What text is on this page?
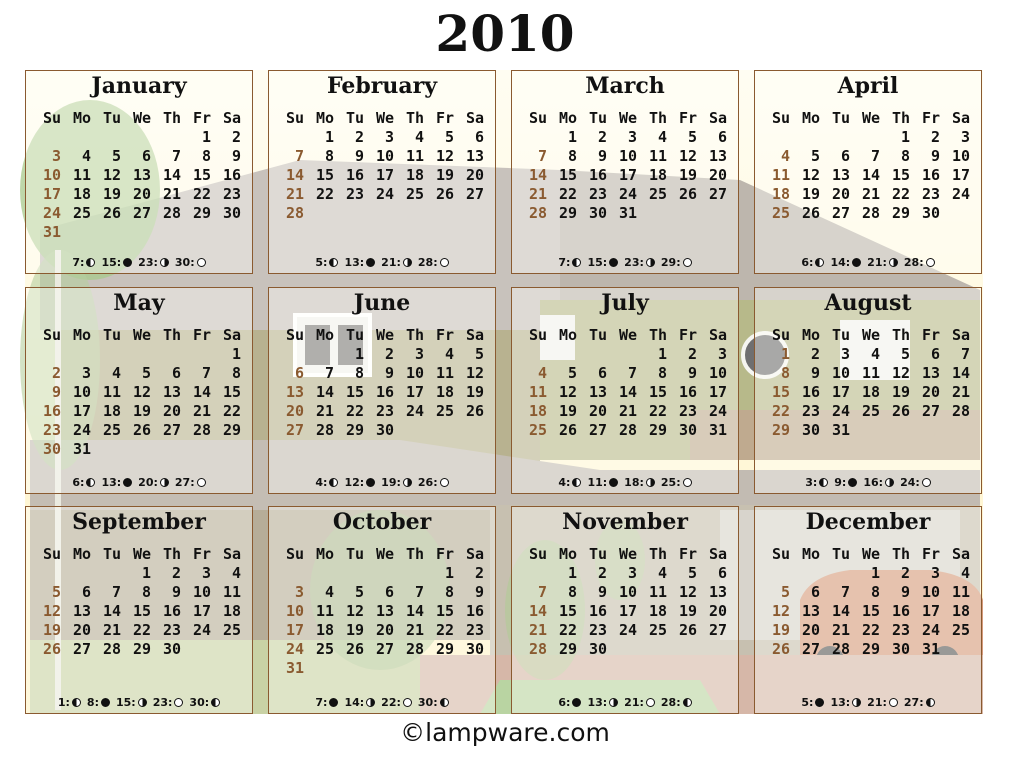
2010
January
Su	Mo	Tu	We	Th	Fr	Sa
					1	2
3	4	5	6	7	8	9
10	11	12	13	14	15	16
17	18	19	20	21	22	23
24	25	26	27	28	29	30
31						
7: 15: 23: 30:
February
Su	Mo	Tu	We	Th	Fr	Sa
	1	2	3	4	5	6
7	8	9	10	11	12	13
14	15	16	17	18	19	20
21	22	23	24	25	26	27
28						
5: 13: 21: 28:
March
Su	Mo	Tu	We	Th	Fr	Sa
	1	2	3	4	5	6
7	8	9	10	11	12	13
14	15	16	17	18	19	20
21	22	23	24	25	26	27
28	29	30	31			
7: 15: 23: 29:
April
Su	Mo	Tu	We	Th	Fr	Sa
				1	2	3
4	5	6	7	8	9	10
11	12	13	14	15	16	17
18	19	20	21	22	23	24
25	26	27	28	29	30	
6: 14: 21: 28:
May
Su	Mo	Tu	We	Th	Fr	Sa
						1
2	3	4	5	6	7	8
9	10	11	12	13	14	15
16	17	18	19	20	21	22
23	24	25	26	27	28	29
30	31					
6: 13: 20: 27:
June
Su	Mo	Tu	We	Th	Fr	Sa
		1	2	3	4	5
6	7	8	9	10	11	12
13	14	15	16	17	18	19
20	21	22	23	24	25	26
27	28	29	30			
4: 12: 19: 26:
July
Su	Mo	Tu	We	Th	Fr	Sa
				1	2	3
4	5	6	7	8	9	10
11	12	13	14	15	16	17
18	19	20	21	22	23	24
25	26	27	28	29	30	31
4: 11: 18: 25:
August
Su	Mo	Tu	We	Th	Fr	Sa
1	2	3	4	5	6	7
8	9	10	11	12	13	14
15	16	17	18	19	20	21
22	23	24	25	26	27	28
29	30	31				
3: 9: 16: 24:
September
Su	Mo	Tu	We	Th	Fr	Sa
			1	2	3	4
5	6	7	8	9	10	11
12	13	14	15	16	17	18
19	20	21	22	23	24	25
26	27	28	29	30		
1: 8: 15: 23: 30:
October
Su	Mo	Tu	We	Th	Fr	Sa
					1	2
3	4	5	6	7	8	9
10	11	12	13	14	15	16
17	18	19	20	21	22	23
24	25	26	27	28	29	30
31						
7: 14: 22: 30:
November
Su	Mo	Tu	We	Th	Fr	Sa
	1	2	3	4	5	6
7	8	9	10	11	12	13
14	15	16	17	18	19	20
21	22	23	24	25	26	27
28	29	30				
6: 13: 21: 28:
December
Su	Mo	Tu	We	Th	Fr	Sa
			1	2	3	4
5	6	7	8	9	10	11
12	13	14	15	16	17	18
19	20	21	22	23	24	25
26	27	28	29	30	31	
5: 13: 21: 27:
©lampware.com
